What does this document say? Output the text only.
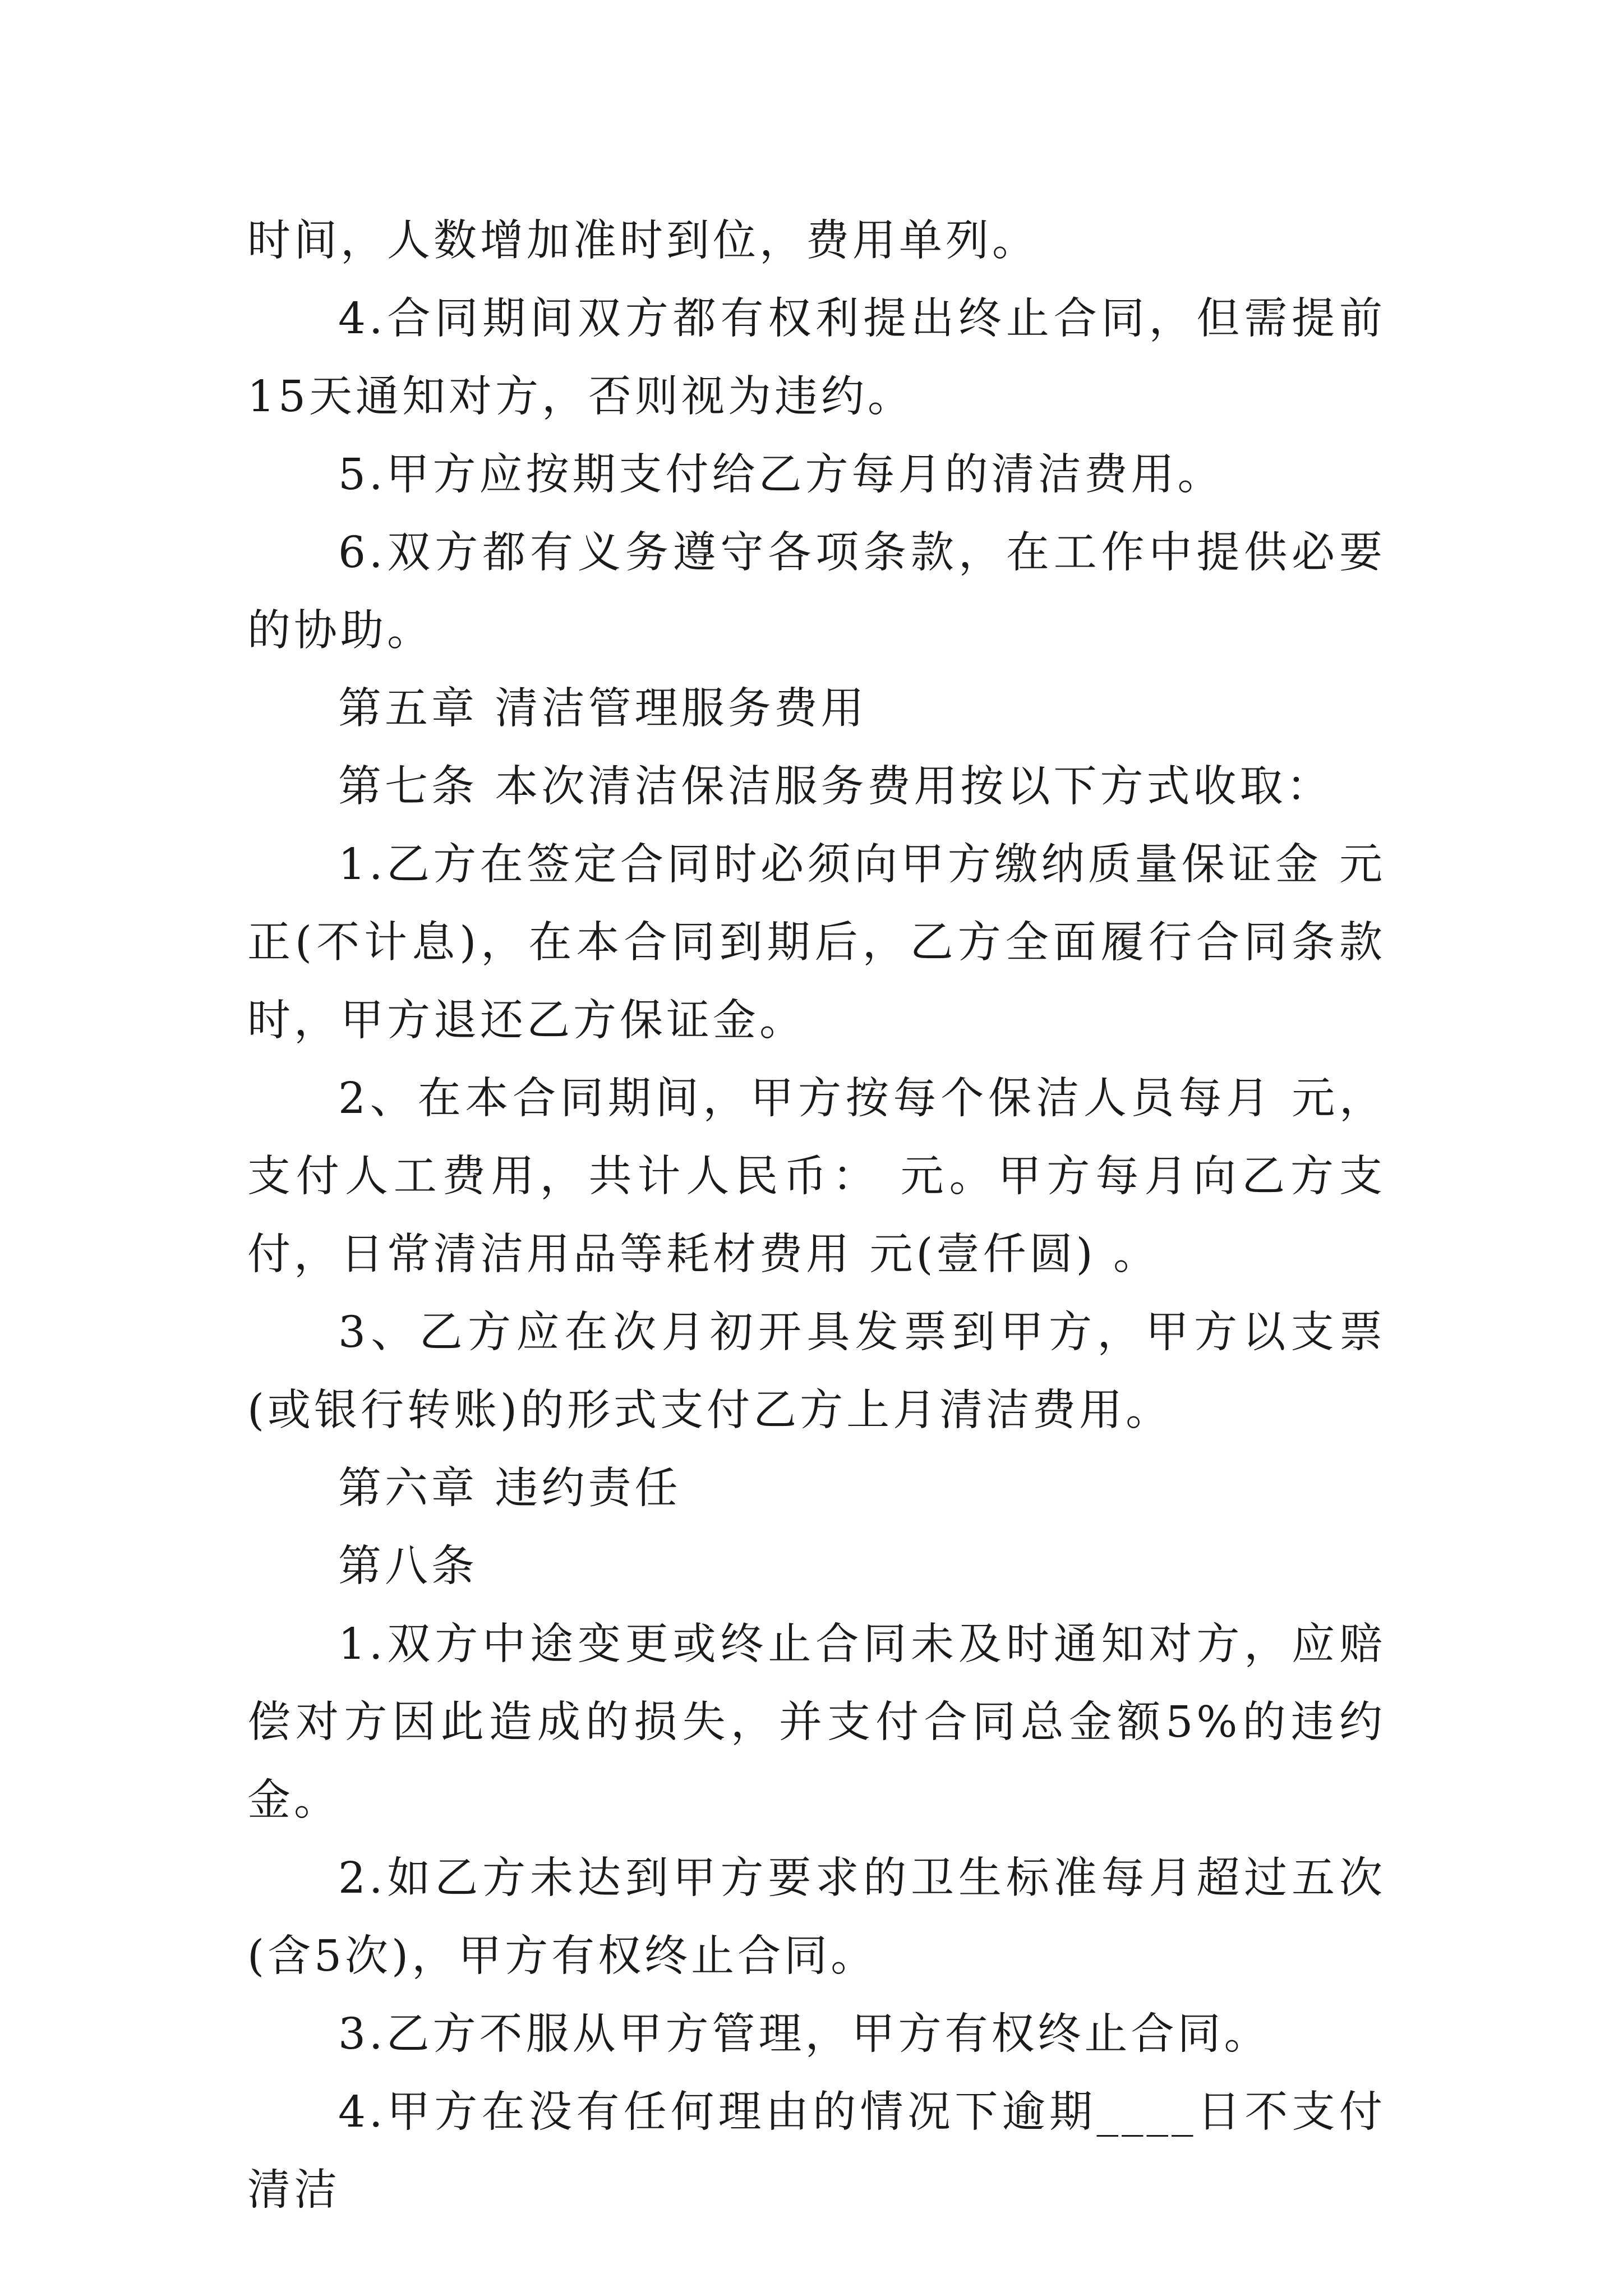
时间，人数增加准时到位，费用单列。

4.合同期间双方都有权利提出终止合同，但需提前15天通知对方，否则视为违约。

5.甲方应按期支付给乙方每月的清洁费用。

6.双方都有义务遵守各项条款，在工作中提供必要的协助。

第五章 清洁管理服务费用

第七条 本次清洁保洁服务费用按以下方式收取：

1.乙方在签定合同时必须向甲方缴纳质量保证金 元正(不计息)，在本合同到期后，乙方全面履行合同条款时，甲方退还乙方保证金。

2、在本合同期间，甲方按每个保洁人员每月 元，支付人工费用，共计人民币： 元。甲方每月向乙方支付，日常清洁用品等耗材费用 元(壹仟圆) 。

3、乙方应在次月初开具发票到甲方，甲方以支票(或银行转账)的形式支付乙方上月清洁费用。

第六章 违约责任

第八条

1.双方中途变更或终止合同未及时通知对方，应赔偿对方因此造成的损失，并支付合同总金额5%的违约金。

2.如乙方未达到甲方要求的卫生标准每月超过五次(含5次)，甲方有权终止合同。

3.乙方不服从甲方管理，甲方有权终止合同。

4.甲方在没有任何理由的情况下逾期____日不支付清洁
